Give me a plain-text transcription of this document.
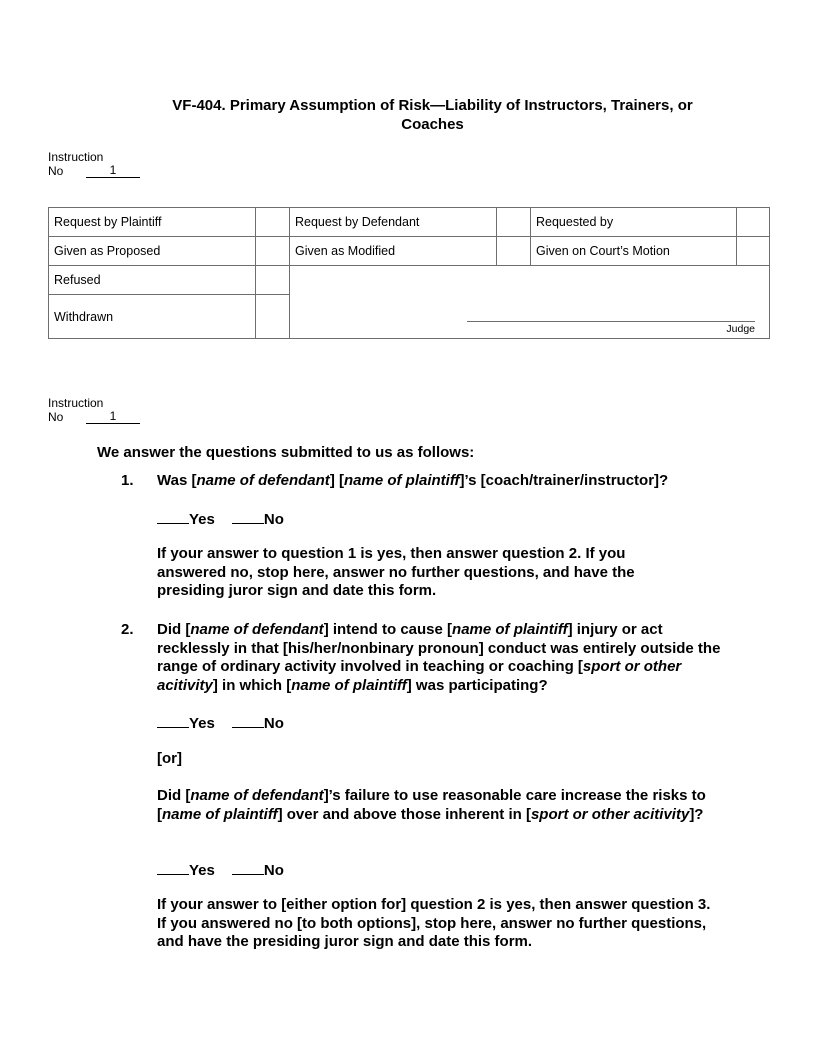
VF-404. Primary Assumption of Risk—Liability of Instructors, Trainers, or
Coaches
Instruction
No	1
Request by Plaintiff		Request by Defendant		Requested by	
Given as Proposed		Given as Modified		Given on Court’s Motion	
Refused		Judge			

Withdrawn					
Instruction
No	1
We answer the questions submitted to us as follows:
1. Was [name of defendant] [name of plaintiff]’s [coach/trainer/instructor]?
Yes	No
If your answer to question 1 is yes, then answer question 2. If you answered no, stop here, answer no further questions, and have the presiding juror sign and date this form.
2. Did [name of defendant] intend to cause [name of plaintiff] injury or act recklessly in that [his/her/nonbinary pronoun] conduct was entirely outside the range of ordinary activity involved in teaching or coaching [sport or other acitivity] in which [name of plaintiff] was participating?
Yes	No
[or]
Did [name of defendant]’s failure to use reasonable care increase the risks to [name of plaintiff] over and above those inherent in [sport or other acitivity]?
Yes	No
If your answer to [either option for] question 2 is yes, then answer question 3. If you answered no [to both options], stop here, answer no further questions, and have the presiding juror sign and date this form.
